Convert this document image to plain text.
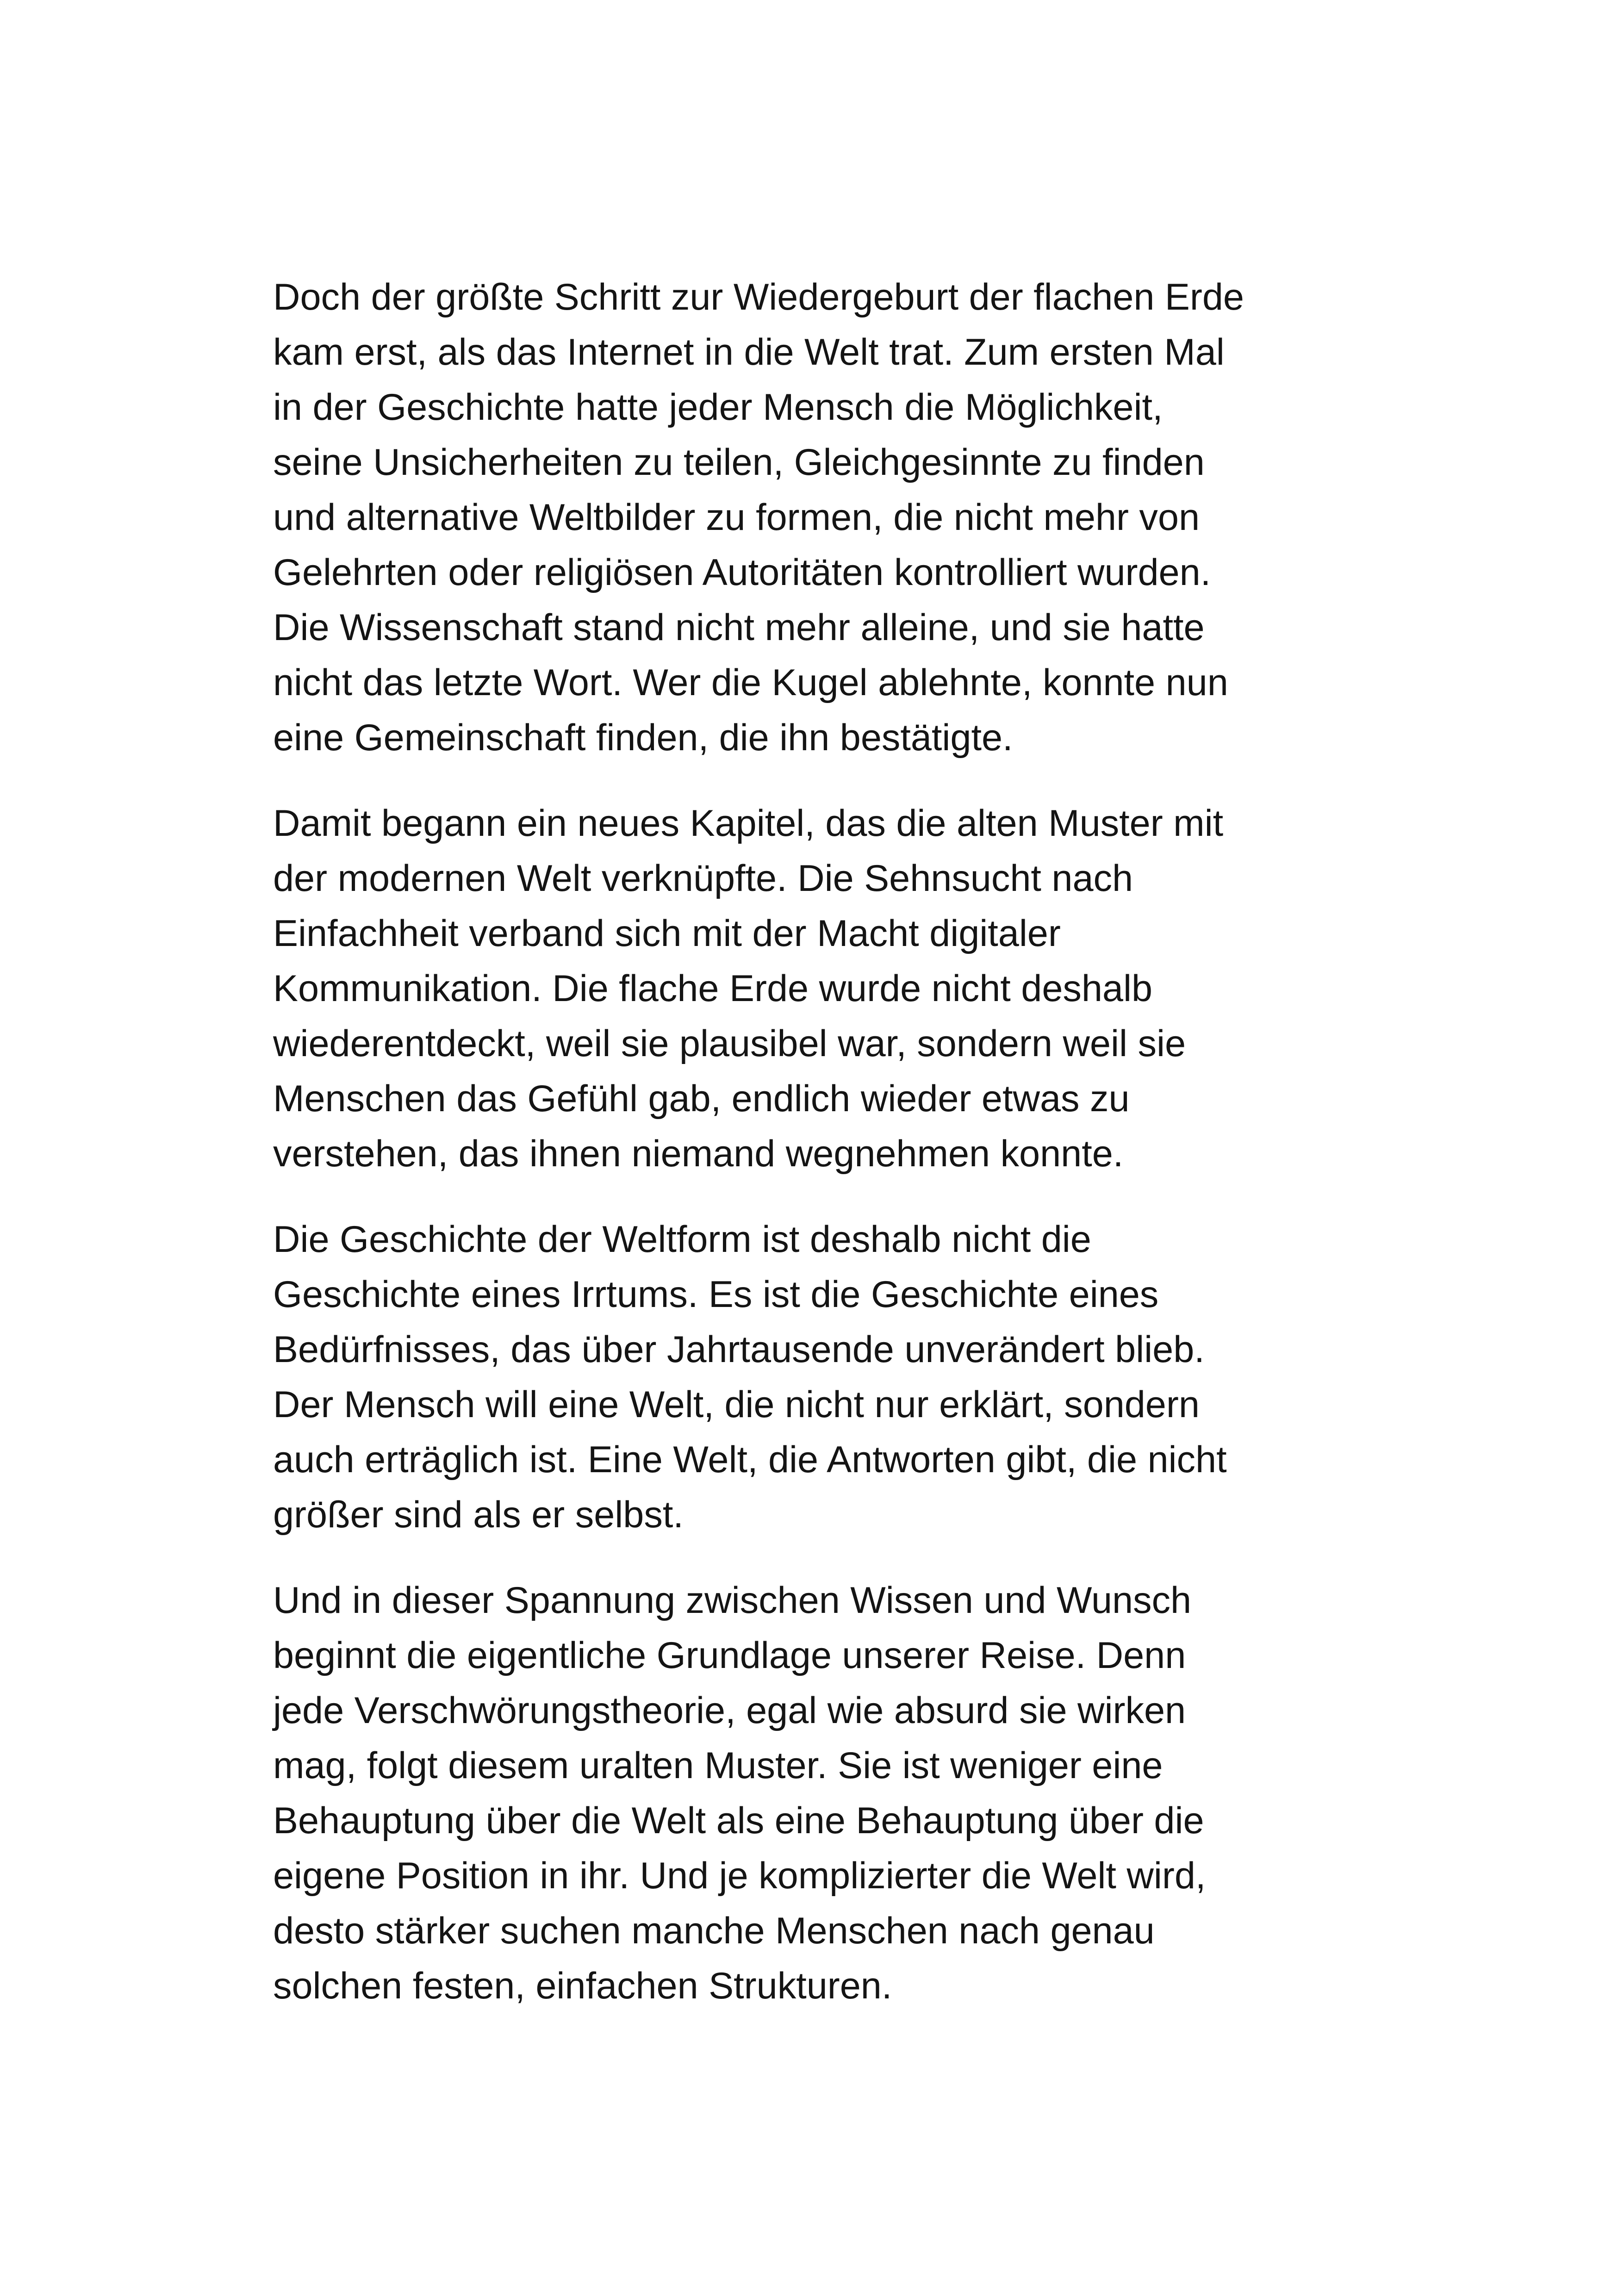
Doch der größte Schritt zur Wiedergeburt der flachen Erde
kam erst, als das Internet in die Welt trat. Zum ersten Mal
in der Geschichte hatte jeder Mensch die Möglichkeit,
seine Unsicherheiten zu teilen, Gleichgesinnte zu finden
und alternative Weltbilder zu formen, die nicht mehr von
Gelehrten oder religiösen Autoritäten kontrolliert wurden.
Die Wissenschaft stand nicht mehr alleine, und sie hatte
nicht das letzte Wort. Wer die Kugel ablehnte, konnte nun
eine Gemeinschaft finden, die ihn bestätigte.

Damit begann ein neues Kapitel, das die alten Muster mit
der modernen Welt verknüpfte. Die Sehnsucht nach
Einfachheit verband sich mit der Macht digitaler
Kommunikation. Die flache Erde wurde nicht deshalb
wiederentdeckt, weil sie plausibel war, sondern weil sie
Menschen das Gefühl gab, endlich wieder etwas zu
verstehen, das ihnen niemand wegnehmen konnte.

Die Geschichte der Weltform ist deshalb nicht die
Geschichte eines Irrtums. Es ist die Geschichte eines
Bedürfnisses, das über Jahrtausende unverändert blieb.
Der Mensch will eine Welt, die nicht nur erklärt, sondern
auch erträglich ist. Eine Welt, die Antworten gibt, die nicht
größer sind als er selbst.

Und in dieser Spannung zwischen Wissen und Wunsch
beginnt die eigentliche Grundlage unserer Reise. Denn
jede Verschwörungstheorie, egal wie absurd sie wirken
mag, folgt diesem uralten Muster. Sie ist weniger eine
Behauptung über die Welt als eine Behauptung über die
eigene Position in ihr. Und je komplizierter die Welt wird,
desto stärker suchen manche Menschen nach genau
solchen festen, einfachen Strukturen.
